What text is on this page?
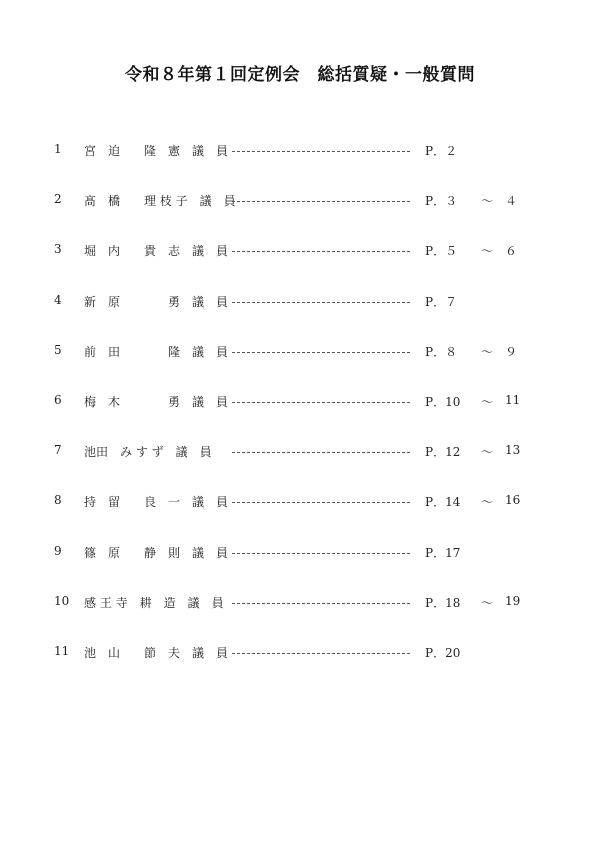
令和８年第１回定例会　総括質疑・一般質問
1 宮　迫　　隆　憲　議　員	P．２
2 髙　橋　　理 枝 子　議　員	P．３ ～ ４
3 堀　内　　貴　志　議　員	P．５ ～ ６
4 新　原　　　　勇　議　員	P．７
5 前　田　　　　隆　議　員	P．８ ～ ９
6 梅　木　　　　勇　議　員	P．10 ～ 11
7 池田　み す ず　議　員	P．12 ～ 13
8 持　留　　良　一　議　員	P．14 ～ 16
9 篠　原　　静　則　議　員	P．17
10 感 王 寺　耕　造　議　員	P．18 ～ 19
11 池　山　　節　夫　議　員	P．20
